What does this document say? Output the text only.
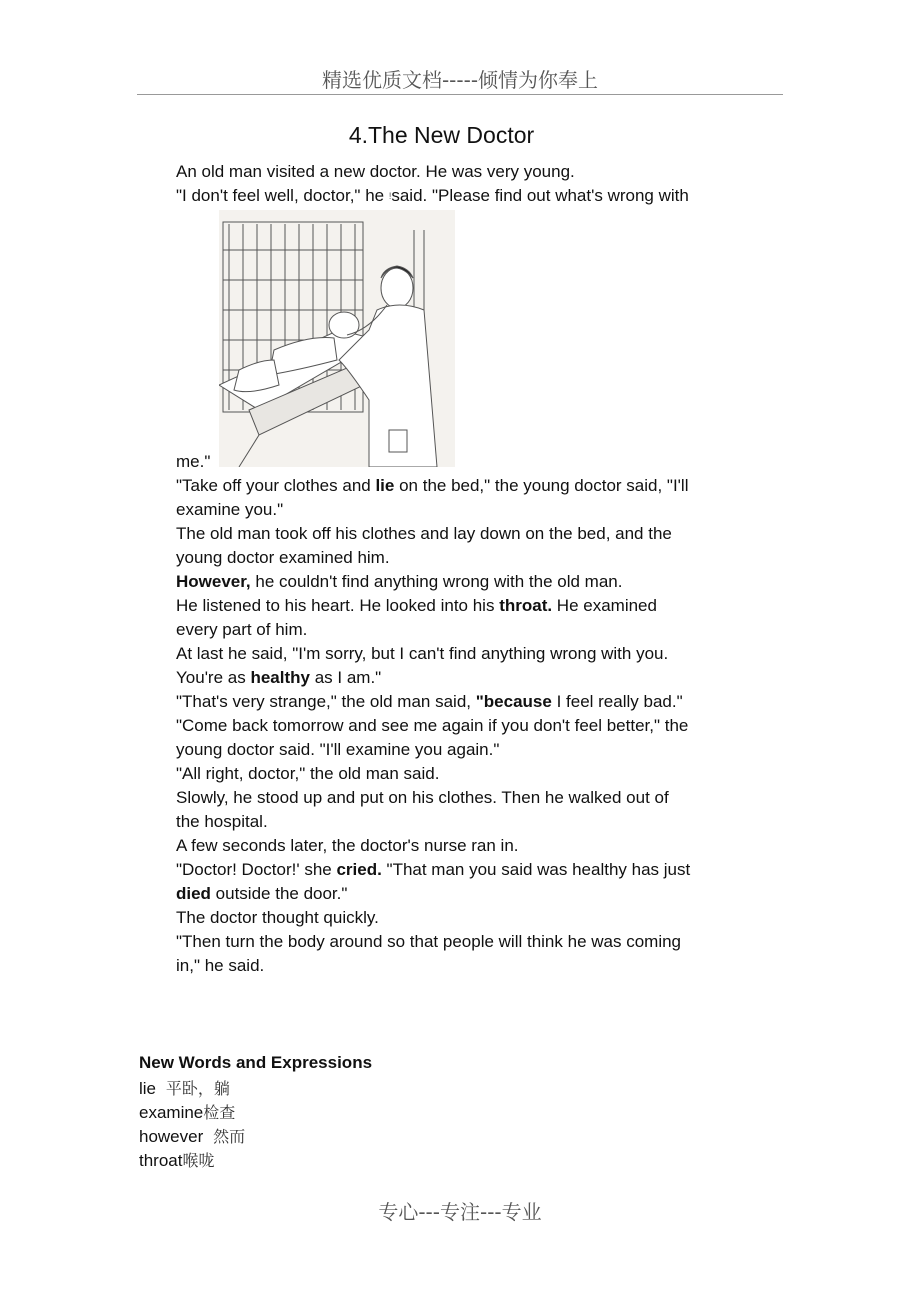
精选优质文档-----倾情为你奉上
4.The New Doctor
An old man visited a new doctor. He was very young.
"I don't feel well, doctor," he !said. "Please find out what's wrong with
me."
"Take off your clothes and lie on the bed," the young doctor said, "I'll
examine you."
The old man took off his clothes and lay down on the bed, and the
young doctor examined him.
However, he couldn't find anything wrong with the old man.
He listened to his heart. He looked into his throat. He examined
every part of him.
At last he said, "I'm sorry, but I can't find anything wrong with you.
You're as healthy as I am."
"That's very strange," the old man said, "because I feel really bad."
"Come back tomorrow and see me again if you don't feel better," the
young doctor said. "I'll examine you again."
"All right, doctor," the old man said.
Slowly, he stood up and put on his clothes. Then he walked out of
the hospital.
A few seconds later, the doctor's nurse ran in.
"Doctor! Doctor!' she cried. "That man you said was healthy has just
died outside the door."
The doctor thought quickly.
"Then turn the body around so that people will think he was coming
in," he said.
New Words and Expressions
lie  平卧，躺
examine检查
however  然而
throat喉咙
专心---专注---专业
